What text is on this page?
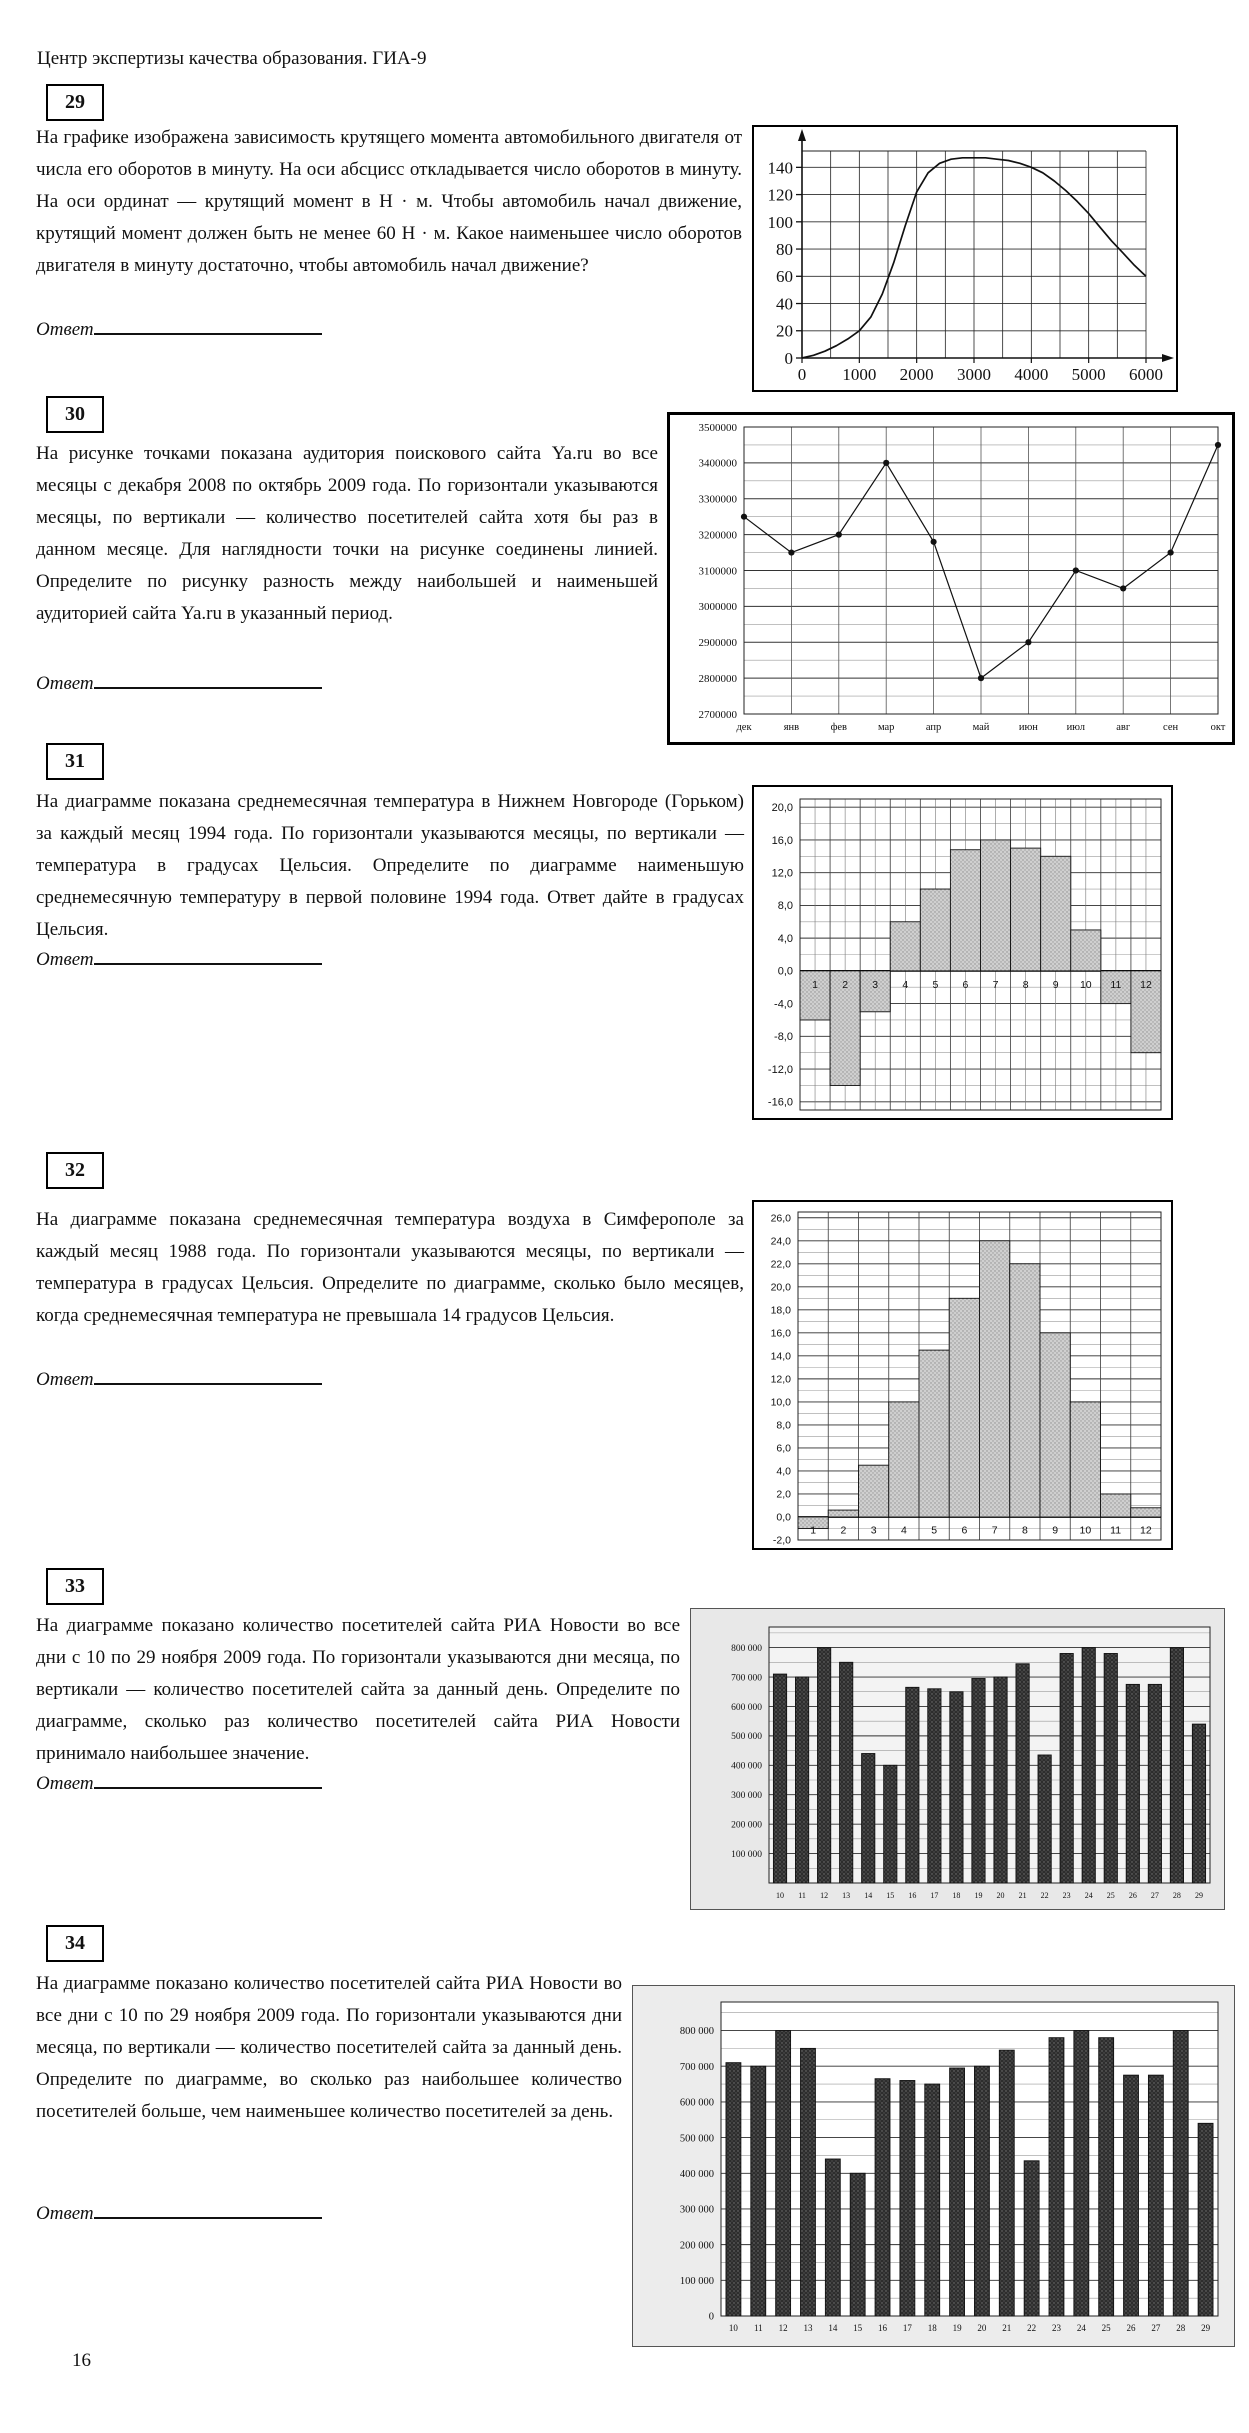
Центр экспертизы качества образования. ГИА-9
29
На графике изображена зависимость крутящего момента автомобильного двигателя от числа его оборотов в минуту. На оси абсцисс откладывается число оборотов в минуту. На оси ординат — крутящий момент в Н · м. Чтобы автомобиль начал движение, крутящий момент должен быть не менее 60 Н · м. Какое наименьшее число оборотов двигателя в минуту достаточно, чтобы автомобиль начал движение?
Ответ
0
20
40
60
80
100
120
140
0 1000 2000 3000 4000 5000 6000
30
На рисунке точками показана аудитория поискового сайта Ya.ru во все месяцы с декабря 2008 по октябрь 2009 года. По горизонтали указываются месяцы, по вертикали — количество посетителей сайта хотя бы раз в данном месяце. Для наглядности точки на рисунке соединены линией. Определите по рисунку разность между наибольшей и наименьшей аудиторией сайта Ya.ru в указанный период.
Ответ
2700000
2800000
2900000
3000000
3100000
3200000
3300000
3400000
3500000
дек	янв	фев	мар	апр	май	июн	июл	авг	сен	окт
31
На диаграмме показана среднемесячная температура в Нижнем Новгороде (Горьком) за каждый месяц 1994 года. По горизонтали указываются месяцы, по вертикали — температура в градусах Цельсия. Определите по диаграмме наименьшую среднемесячную температуру в первой половине 1994 года. Ответ дайте в градусах Цельсия.
Ответ
-16,0
-12,0
-8,0
-4,0
0,0
4,0
8,0
12,0
16,0
20,0
1 2 3 4 5 6 7 8 9 10 11 12
32
На диаграмме показана среднемесячная температура воздуха в Симферополе за каждый месяц 1988 года. По горизонтали указываются месяцы, по вертикали — температура в градусах Цельсия. Определите по диаграмме, сколько было месяцев, когда среднемесячная температура не превышала 14 градусов Цельсия.
Ответ
-2,0
0,0
2,0
4,0
6,0
8,0
10,0
12,0
14,0
16,0
18,0
20,0
22,0
24,0
26,0
1 2 3 4 5 6 7 8 9 10 11 12
33
На диаграмме показано количество посетителей сайта РИА Новости во все дни с 10 по 29 ноября 2009 года. По горизонтали указываются дни месяца, по вертикали — количество посетителей сайта за данный день. Определите по диаграмме, сколько раз количество посетителей сайта РИА Новости принимало наибольшее значение.
Ответ
100 000
200 000
300 000
400 000
500 000
600 000
700 000
800 000
10 11 12 13 14 15 16 17 18 19 20 21 22 23 24 25 26 27 28 29
34
На диаграмме показано количество посетителей сайта РИА Новости во все дни с 10 по 29 ноября 2009 года. По горизонтали указываются дни месяца, по вертикали — количество посетителей сайта за данный день. Определите по диаграмме, во сколько раз наибольшее количество посетителей больше, чем наименьшее количество посетителей за день.
Ответ
0
100 000
200 000
300 000
400 000
500 000
600 000
700 000
800 000
10 11 12 13 14 15 16 17 18 19 20 21 22 23 24 25 26 27 28 29
16
